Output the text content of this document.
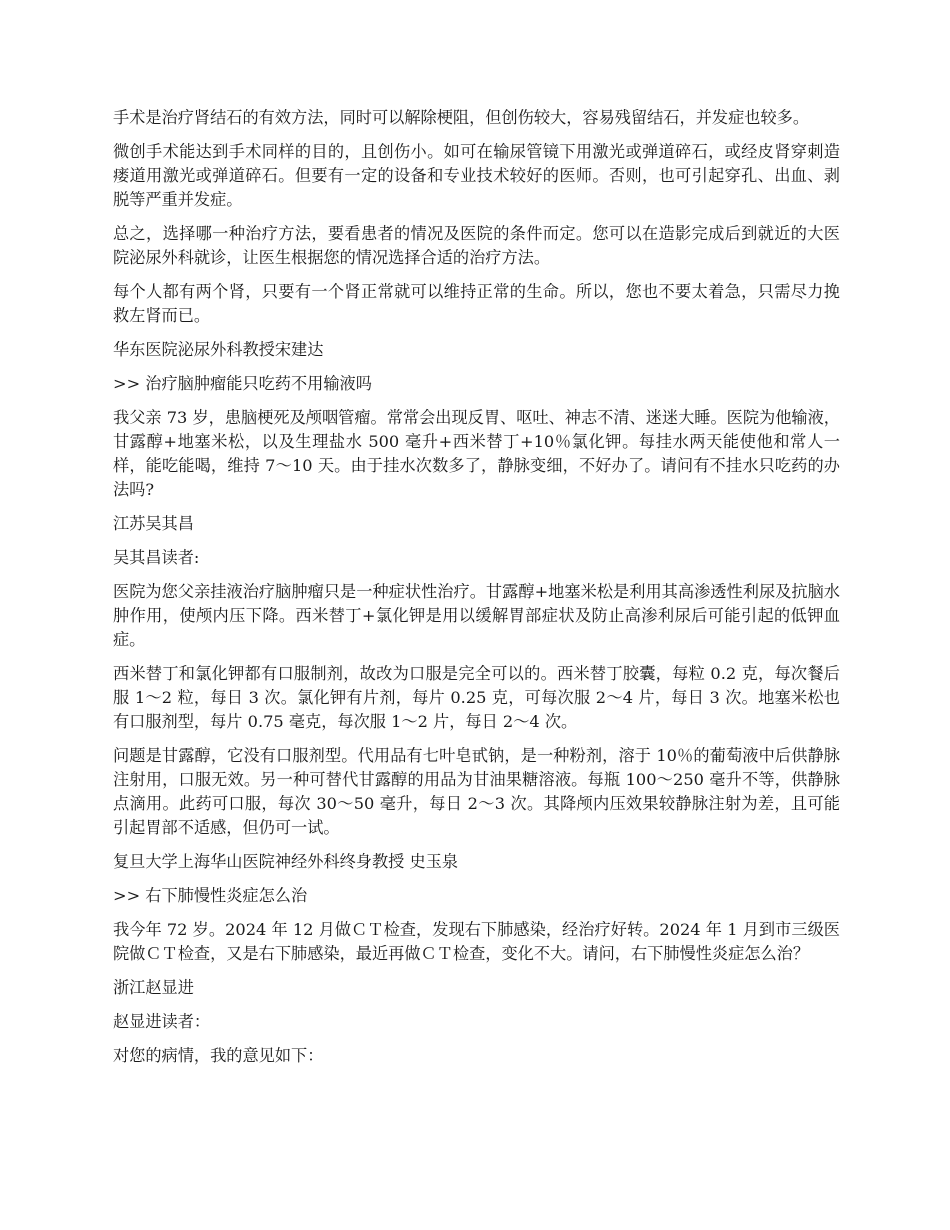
手术是治疗肾结石的有效方法，同时可以解除梗阻，但创伤较大，容易残留结石，并发症也较多。

微创手术能达到手术同样的目的，且创伤小。如可在输尿管镜下用激光或弹道碎石，或经皮肾穿刺造瘘道用激光或弹道碎石。但要有一定的设备和专业技术较好的医师。否则，也可引起穿孔、出血、剥脱等严重并发症。

总之，选择哪一种治疗方法，要看患者的情况及医院的条件而定。您可以在造影完成后到就近的大医院泌尿外科就诊，让医生根据您的情况选择合适的治疗方法。

每个人都有两个肾，只要有一个肾正常就可以维持正常的生命。所以，您也不要太着急，只需尽力挽救左肾而已。

华东医院泌尿外科教授宋建达

>> 治疗脑肿瘤能只吃药不用输液吗

我父亲 73 岁，患脑梗死及颅咽管瘤。常常会出现反胃、呕吐、神志不清、迷迷大睡。医院为他输液，甘露醇+地塞米松，以及生理盐水 500 毫升+西米替丁+10％氯化钾。每挂水两天能使他和常人一样，能吃能喝，维持 7～10 天。由于挂水次数多了，静脉变细，不好办了。请问有不挂水只吃药的办法吗?

江苏吴其昌

吴其昌读者:

医院为您父亲挂液治疗脑肿瘤只是一种症状性治疗。甘露醇+地塞米松是利用其高渗透性利尿及抗脑水肿作用，使颅内压下降。西米替丁+氯化钾是用以缓解胃部症状及防止高渗利尿后可能引起的低钾血症。

西米替丁和氯化钾都有口服制剂，故改为口服是完全可以的。西米替丁胶囊，每粒 0.2 克，每次餐后服 1～2 粒，每日 3 次。氯化钾有片剂，每片 0.25 克，可每次服 2～4 片，每日 3 次。地塞米松也有口服剂型，每片 0.75 毫克，每次服 1～2 片，每日 2～4 次。

问题是甘露醇，它没有口服剂型。代用品有七叶皂甙钠，是一种粉剂，溶于 10％的葡萄液中后供静脉注射用，口服无效。另一种可替代甘露醇的用品为甘油果糖溶液。每瓶 100～250 毫升不等，供静脉点滴用。此药可口服，每次 30～50 毫升，每日 2～3 次。其降颅内压效果较静脉注射为差，且可能引起胃部不适感，但仍可一试。

复旦大学上海华山医院神经外科终身教授 史玉泉

>> 右下肺慢性炎症怎么治

我今年 72 岁。2024 年 12 月做ＣＴ检查，发现右下肺感染，经治疗好转。2024 年 1 月到市三级医院做ＣＴ检查，又是右下肺感染，最近再做ＣＴ检查，变化不大。请问，右下肺慢性炎症怎么治？

浙江赵显进

赵显进读者：

对您的病情，我的意见如下：
